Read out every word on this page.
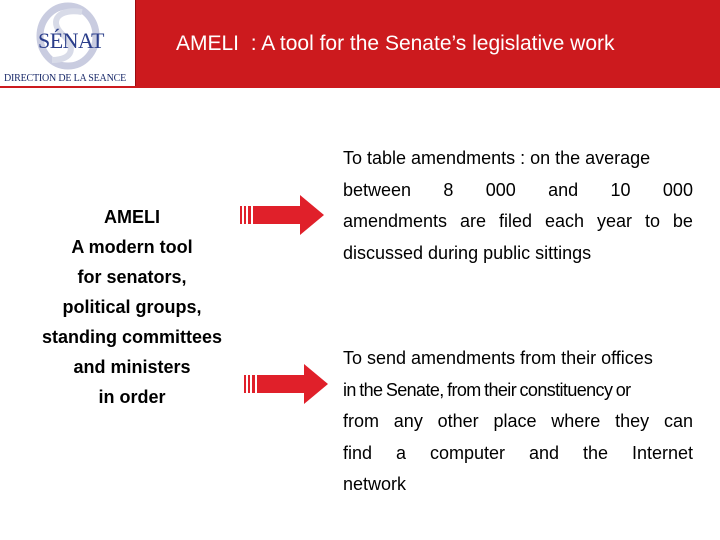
SÉNAT
DIRECTION DE LA SEANCE
AMELI  : A tool for the Senate’s legislative work
AMELI
A modern tool
for senators,
political groups,
standing committees
and ministers
in order
To table amendments : on the average
between 8 000 and 10 000
amendments are filed each year to be
discussed during public sittings
To send amendments from their offices
in the Senate, from their constituency or
from any other place where they can
find a computer and the Internet
network
